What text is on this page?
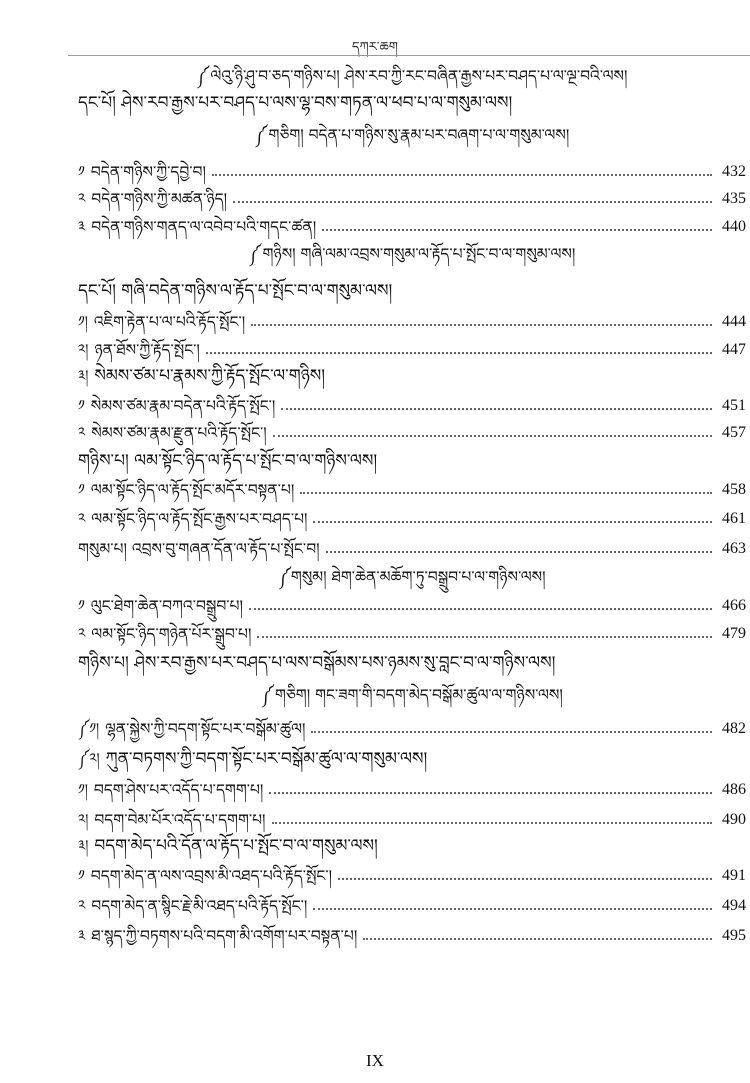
དཀར་ཆག
༼ལེའུ་ཉི་ཤུ་བ་ཅད་གཉིས་པ། ཤེས་རབ་ཀྱི་རང་བཞིན་རྒྱས་པར་བཤད་པ་ལ་ལྔ་བའི་ལས།
དང་པོ། ཤེས་རབ་རྒྱས་པར་བཤད་པ་ལས་ལྷ་བས་གཏན་ལ་ཕབ་པ་ལ་གསུམ་ལས།
༼གཅིག། བདེན་པ་གཉིས་སུ་རྣམ་པར་བཞག་པ་ལ་གསུམ་ལས།
༡ བདེན་གཉིས་ཀྱི་དབྱེ་བ།	432
༢ བདེན་གཉིས་ཀྱི་མཚན་ཉིད།	435
༣ བདེན་གཉིས་གནད་ལ་འབེབ་པའི་གདང་ཚན།	440
༼གཉིས། གཞི་ལམ་འབྲས་གསུམ་ལ་རྟོད་པ་སྤོང་བ་ལ་གསུམ་ལས།
དང་པོ། གཞི་བདེན་གཉིས་ལ་རྟོད་པ་སྤོང་བ་ལ་གསུམ་ལས།
༡། འཇིག་རྟེན་པ་ལ་པའི་རྟོད་སྤོང་།	444
༢། ཉན་ཐོས་ཀྱི་རྟོད་སྤོང་།	447
༣། སེམས་ཙམ་པ་རྣམས་ཀྱི་རྟོད་སྤོང་ལ་གཉིས།
༡ སེམས་ཙམ་རྣམ་བདེན་པའི་རྟོད་སྤོང་།	451
༢ སེམས་ཙམ་རྣམ་རྫུན་པའི་རྟོད་སྤོང་།	457
གཉིས་པ། ལམ་སྟོང་ཉིད་ལ་རྟོད་པ་སྤོང་བ་ལ་གཉིས་ལས།
༡ ལམ་སྟོང་ཉིད་ལ་རྟོད་སྤོང་མདོར་བསྟན་པ།	458
༢ ལམ་སྟོང་ཉིད་ལ་རྟོད་སྤོང་རྒྱས་པར་བཤད་པ།	461
གསུམ་པ། འབྲས་བུ་གཞན་དོན་ལ་རྟོད་པ་སྤོང་བ།	463
༼གསུམ། ཐེག་ཆེན་མཆོག་ཏུ་བསྒྲུབ་པ་ལ་གཉིས་ལས།
༡ ལུང་ཐེག་ཆེན་བཀའ་བསྒྲུབ་པ།	466
༢ ལམ་སྟོང་ཉིད་གཉེན་པོར་སྒྲུབ་པ།	479
གཉིས་པ། ཤེས་རབ་རྒྱས་པར་བཤད་པ་ལས་བསྒོམས་པས་ཉམས་སུ་བླང་བ་ལ་གཉིས་ལས།
༼གཅིག། གང་ཟག་གི་བདག་མེད་བསྒོམ་ཚུལ་ལ་གཉིས་ལས།
༼༡། ལྷན་སྐྱེས་ཀྱི་བདག་སྟོང་པར་བསྒོམ་ཚུལ།	482
༼༢། ཀུན་བཏགས་ཀྱི་བདག་སྟོང་པར་བསྒོམ་ཚུལ་ལ་གསུམ་ལས།
༡། བདག་ཤེས་པར་འདོད་པ་དགག་པ།	486
༢། བདག་བེམ་པོར་འདོད་པ་དགག་པ།	490
༣། བདག་མེད་པའི་དོན་ལ་རྟོད་པ་སྤོང་བ་ལ་གསུམ་ལས།
༡ བདག་མེད་ན་ལས་འབྲས་མི་འཐད་པའི་རྟོད་སྤོང་།	491
༢ བདག་མེད་ན་སྙིང་རྗེ་མི་འཐད་པའི་རྟོད་སྤོང་།	494
༣ ཐ་སྙད་ཀྱི་བཏགས་པའི་བདག་མི་འགོག་པར་བསྟན་པ།	495
IX
